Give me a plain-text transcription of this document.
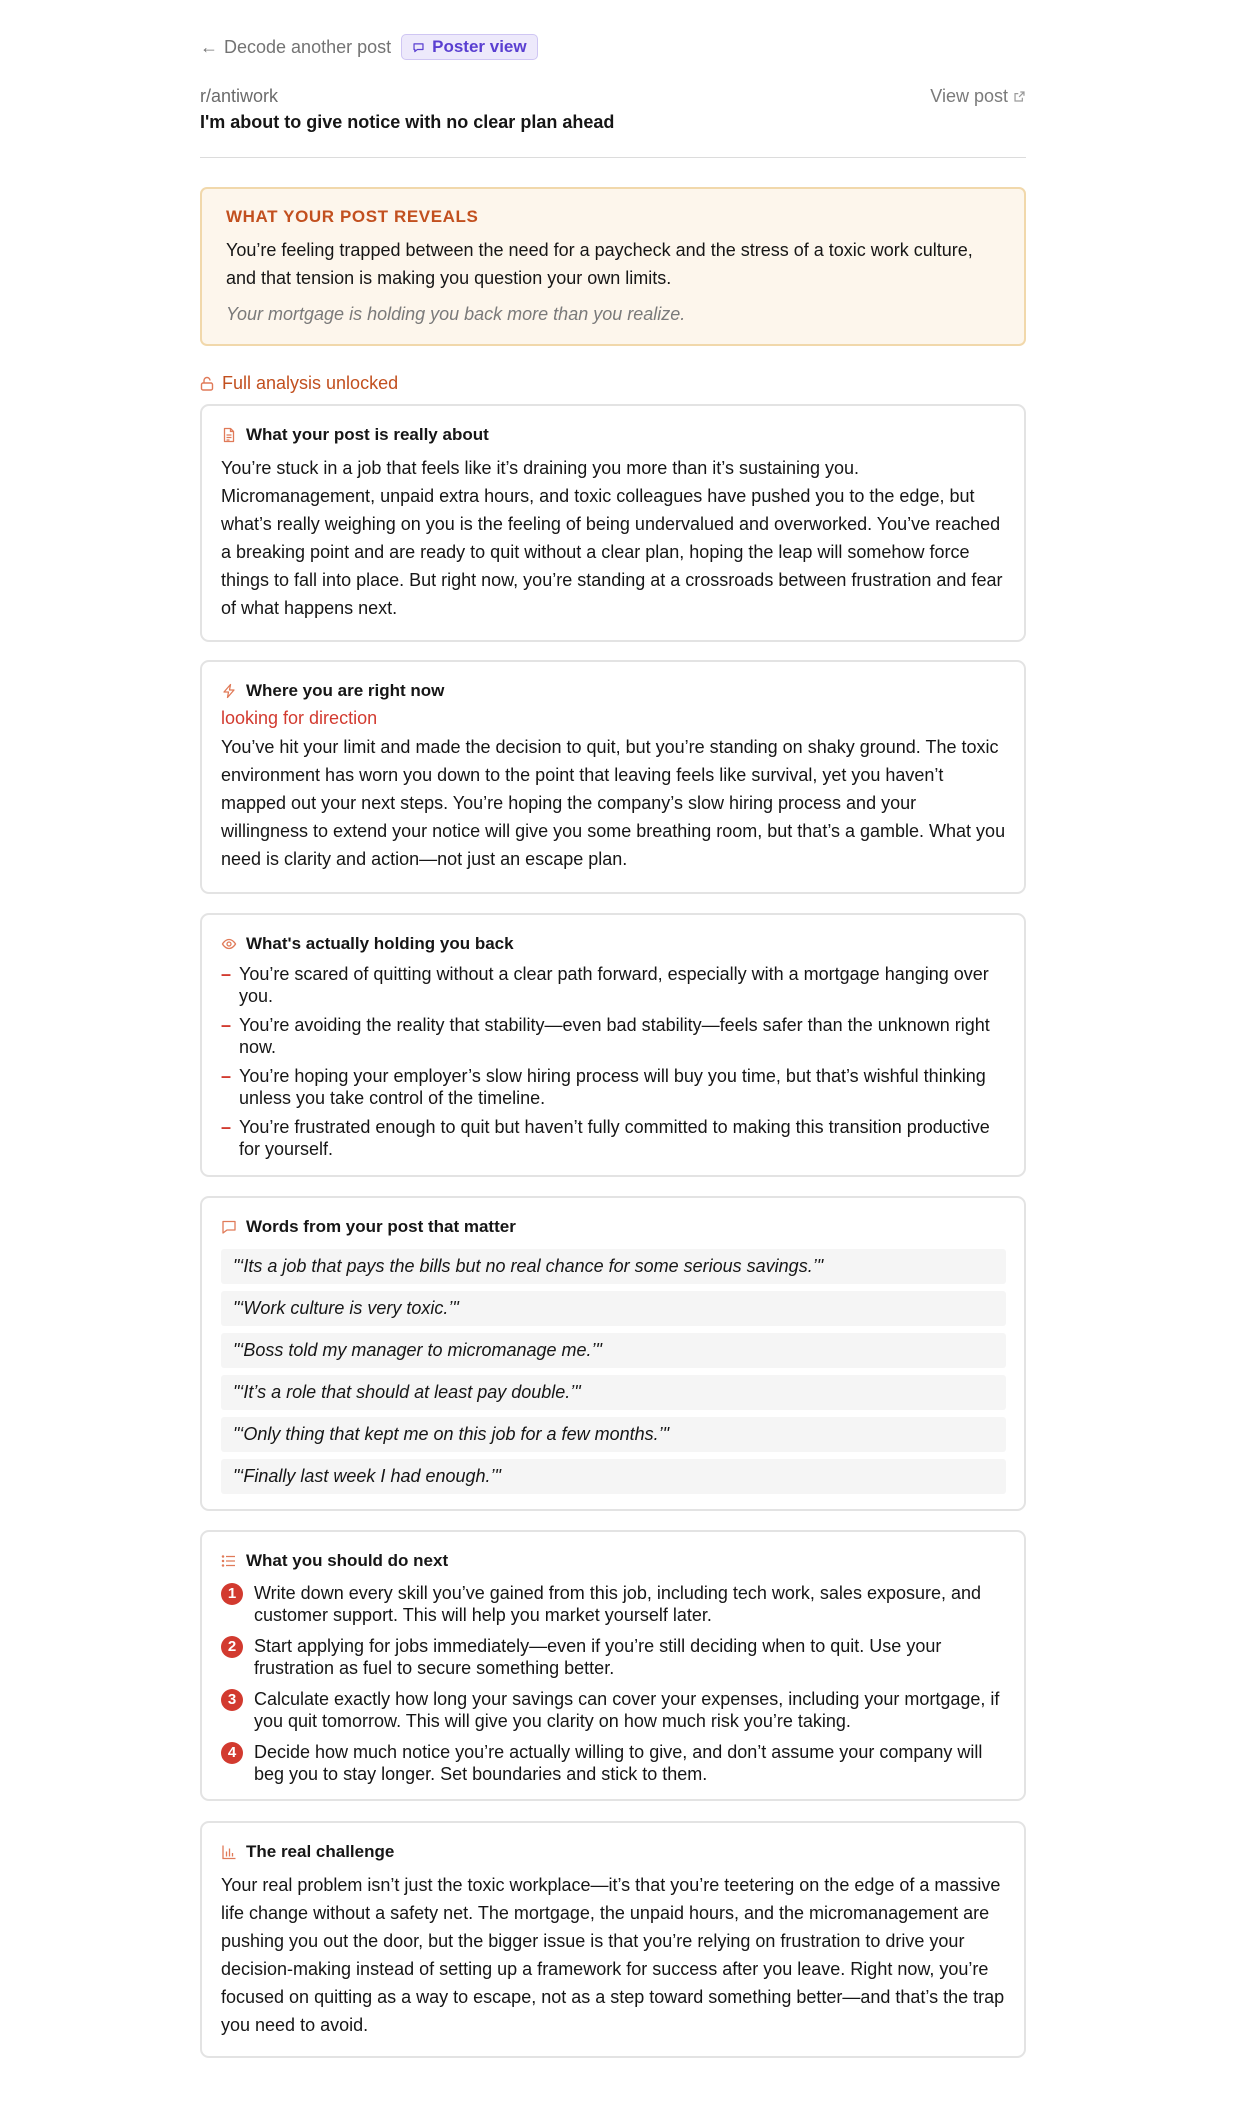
← Decode another post Poster view
r/antiwork	View post
I'm about to give notice with no clear plan ahead
WHAT YOUR POST REVEALS
You’re feeling trapped between the need for a paycheck and the stress of a toxic work culture, and that tension is making you question your own limits.
Your mortgage is holding you back more than you realize.
Full analysis unlocked
What your post is really about
You’re stuck in a job that feels like it’s draining you more than it’s sustaining you. Micromanagement, unpaid extra hours, and toxic colleagues have pushed you to the edge, but what’s really weighing on you is the feeling of being undervalued and overworked. You’ve reached a breaking point and are ready to quit without a clear plan, hoping the leap will somehow force things to fall into place. But right now, you’re standing at a crossroads between frustration and fear of what happens next.
Where you are right now
looking for direction
You’ve hit your limit and made the decision to quit, but you’re standing on shaky ground. The toxic environment has worn you down to the point that leaving feels like survival, yet you haven’t mapped out your next steps. You’re hoping the company’s slow hiring process and your willingness to extend your notice will give you some breathing room, but that’s a gamble. What you need is clarity and action—not just an escape plan.
What's actually holding you back
– You’re scared of quitting without a clear path forward, especially with a mortgage hanging over you.
– You’re avoiding the reality that stability—even bad stability—feels safer than the unknown right now.
– You’re hoping your employer’s slow hiring process will buy you time, but that’s wishful thinking unless you take control of the timeline.
– You’re frustrated enough to quit but haven’t fully committed to making this transition productive for yourself.
Words from your post that matter
"‘Its a job that pays the bills but no real chance for some serious savings.’"
"‘Work culture is very toxic.’"
"‘Boss told my manager to micromanage me.’"
"‘It’s a role that should at least pay double.’"
"‘Only thing that kept me on this job for a few months.’"
"‘Finally last week I had enough.’"
What you should do next
1 Write down every skill you’ve gained from this job, including tech work, sales exposure, and customer support. This will help you market yourself later.
2 Start applying for jobs immediately—even if you’re still deciding when to quit. Use your frustration as fuel to secure something better.
3 Calculate exactly how long your savings can cover your expenses, including your mortgage, if you quit tomorrow. This will give you clarity on how much risk you’re taking.
4 Decide how much notice you’re actually willing to give, and don’t assume your company will beg you to stay longer. Set boundaries and stick to them.
The real challenge
Your real problem isn’t just the toxic workplace—it’s that you’re teetering on the edge of a massive life change without a safety net. The mortgage, the unpaid hours, and the micromanagement are pushing you out the door, but the bigger issue is that you’re relying on frustration to drive your decision-making instead of setting up a framework for success after you leave. Right now, you’re focused on quitting as a way to escape, not as a step toward something better—and that’s the trap you need to avoid.
